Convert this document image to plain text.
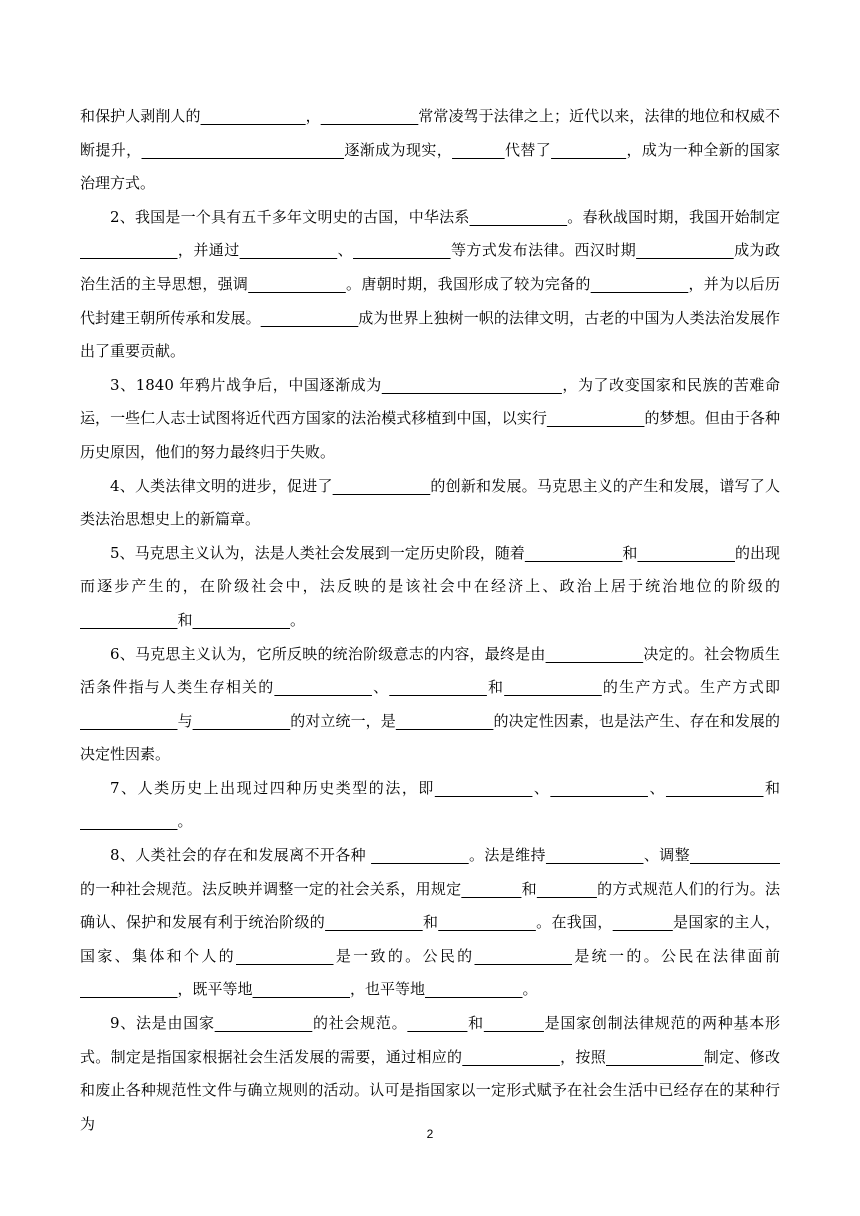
和保护人剥削人的______________，_____________常常凌驾于法律之上；近代以来，法律的地位和权威不断提升，___________________________逐渐成为现实，_______代替了__________，成为一种全新的国家治理方式。

2、我国是一个具有五千多年文明史的古国，中华法系_____________。春秋战国时期，我国开始制定_____________，并通过_____________、_____________等方式发布法律。西汉时期_____________成为政治生活的主导思想，强调_____________。唐朝时期，我国形成了较为完备的_____________，并为以后历代封建王朝所传承和发展。_____________成为世界上独树一帜的法律文明，古老的中国为人类法治发展作出了重要贡献。

3、1840 年鸦片战争后，中国逐渐成为________________________，为了改变国家和民族的苦难命运，一些仁人志士试图将近代西方国家的法治模式移植到中国，以实行_____________的梦想。但由于各种历史原因，他们的努力最终归于失败。

4、人类法律文明的进步，促进了_____________的创新和发展。马克思主义的产生和发展，谱写了人类法治思想史上的新篇章。

5、马克思主义认为，法是人类社会发展到一定历史阶段，随着_____________和_____________的出现而逐步产生的，在阶级社会中，法反映的是该社会中在经济上、政治上居于统治地位的阶级的_____________和_____________。

6、马克思主义认为，它所反映的统治阶级意志的内容，最终是由_____________决定的。社会物质生活条件指与人类生存相关的_____________、_____________和_____________的生产方式。生产方式即_____________与_____________的对立统一，是_____________的决定性因素，也是法产生、存在和发展的决定性因素。

7、人类历史上出现过四种历史类型的法，即_____________、_____________、_____________和_____________。

8、人类社会的存在和发展离不开各种 _____________。法是维持_____________、调整____________的一种社会规范。法反映并调整一定的社会关系，用规定________和________的方式规范人们的行为。法确认、保护和发展有利于统治阶级的_____________和_____________。在我国，________是国家的主人，国家、集体和个人的_____________是一致的。公民的_____________是统一的。公民在法律面前_____________，既平等地_____________，也平等地_____________。

9、法是由国家_____________的社会规范。________和________是国家创制法律规范的两种基本形式。制定是指国家根据社会生活发展的需要，通过相应的_____________，按照_____________制定、修改和废止各种规范性文件与确立规则的活动。认可是指国家以一定形式赋予在社会生活中已经存在的某种行为

2
